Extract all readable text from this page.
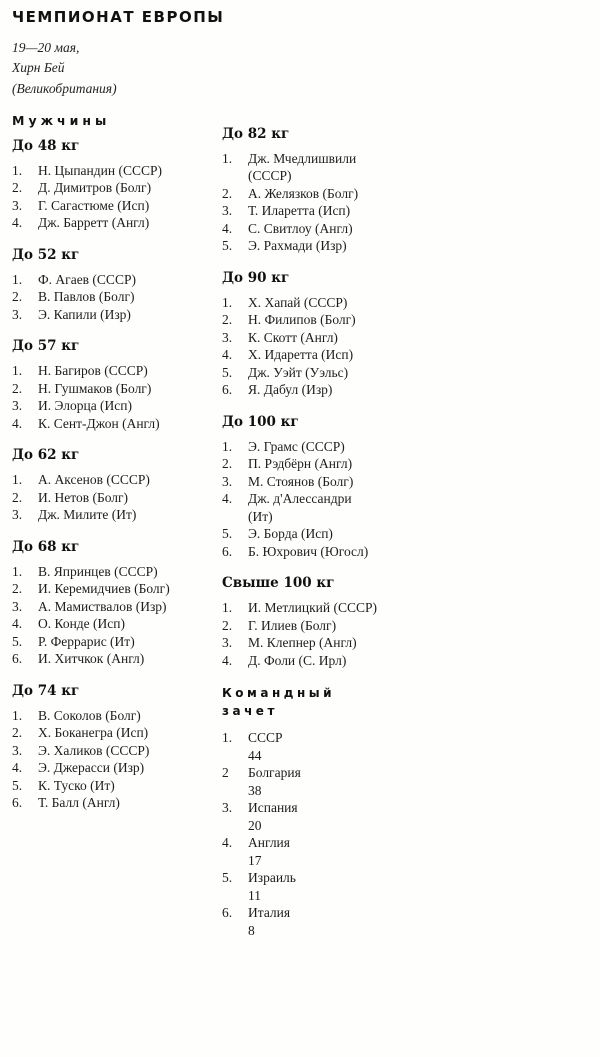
ЧЕМПИОНАТ ЕВРОПЫ
19—20 мая,
Хирн Бей
(Великобритания)
Мужчины
До 48 кг
1.	Н. Цыпандин (СССР)
2.	Д. Димитров (Болг)
3.	Г. Сагастюме (Исп)
4.	Дж. Барретт (Англ)
До 52 кг
1.	Ф. Агаев (СССР)
2.	В. Павлов (Болг)
3.	Э. Капили (Изр)
До 57 кг
1.	Н. Багиров (СССР)
2.	Н. Гушмаков (Болг)
3.	И. Элорца (Исп)
4.	К. Сент-Джон (Англ)
До 62 кг
1.	А. Аксенов (СССР)
2.	И. Нетов (Болг)
3.	Дж. Милите (Ит)
До 68 кг
1.	В. Япринцев (СССР)
2.	И. Керемидчиев (Болг)
3.	А. Мамиствалов (Изр)
4.	О. Конде (Исп)
5.	Р. Феррарис (Ит)
6.	И. Хитчкок (Англ)
До 74 кг
1.	В. Соколов (Болг)
2.	Х. Боканегра (Исп)
3.	Э. Халиков (СССР)
4.	Э. Джерасси (Изр)
5.	К. Туско (Ит)
6.	Т. Балл (Англ)
До 82 кг
1.	Дж. Мчедлишвили
(СССР)
2.	А. Желязков (Болг)
3.	Т. Иларетта (Исп)
4.	С. Свитлоу (Англ)
5.	Э. Рахмади (Изр)
До 90 кг
1.	Х. Хапай (СССР)
2.	Н. Филипов (Болг)
3.	К. Скотт (Англ)
4.	Х. Идаретта (Исп)
5.	Дж. Уэйт (Уэльс)
6.	Я. Дабул (Изр)
До 100 кг
1.	Э. Грамс (СССР)
2.	П. Рэдбёрн (Англ)
3.	М. Стоянов (Болг)
4.	Дж. д'Алессандри
(Ит)
5.	Э. Борда (Исп)
6.	Б. Юхрович (Югосл)
Свыше 100 кг
1.	И. Метлицкий (СССР)
2.	Г. Илиев (Болг)
3.	М. Клепнер (Англ)
4.	Д. Фоли (С. Ирл)
Командный
зачет
1.	СССР
44
2	Болгария
38
3.	Испания
20
4.	Англия
17
5.	Израиль
11
6.	Италия
8
